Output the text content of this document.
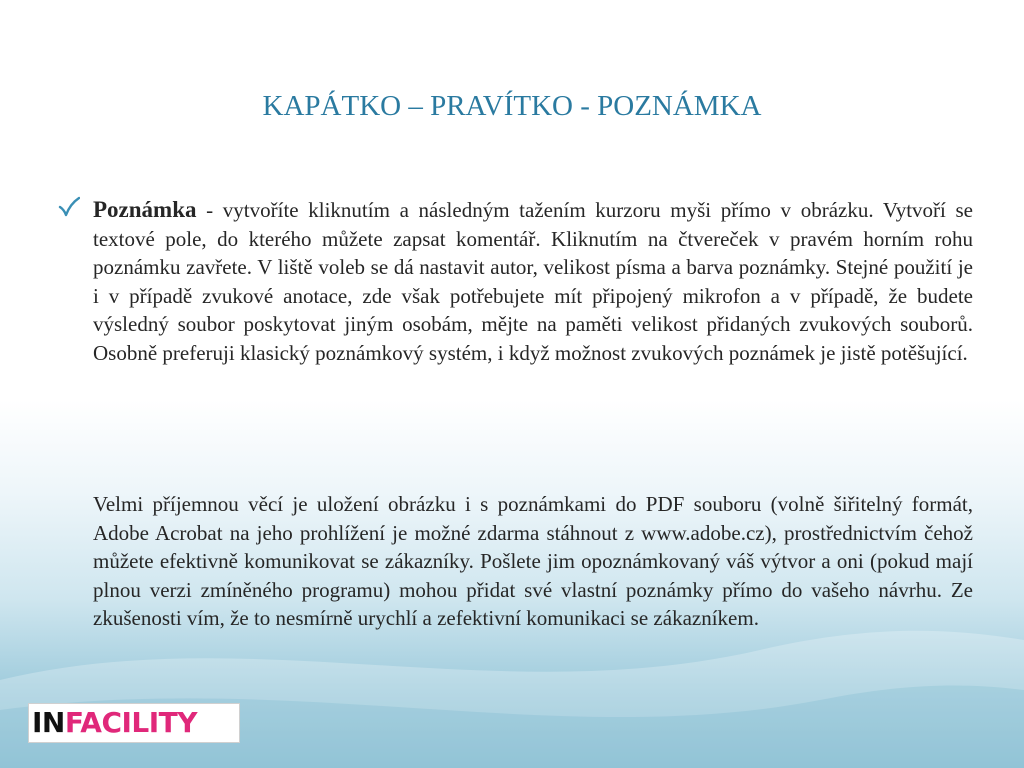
KAPÁTKO – PRAVÍTKO - POZNÁMKA

Poznámka - vytvoříte kliknutím a následným tažením kurzoru myši přímo v obrázku. Vytvoří se textové pole, do kterého můžete zapsat komentář. Kliknutím na čtvereček v pravém horním rohu poznámku zavřete. V liště voleb se dá nastavit autor, velikost písma a barva poznámky. Stejné použití je i v případě zvukové anotace, zde však potřebujete mít připojený mikrofon a v případě, že budete výsledný soubor poskytovat jiným osobám, mějte na paměti velikost přidaných zvukových souborů. Osobně preferuji klasický poznámkový systém, i když možnost zvukových poznámek je jistě potěšující.

Velmi příjemnou věcí je uložení obrázku i s poznámkami do PDF souboru (volně šiřitelný formát, Adobe Acrobat na jeho prohlížení je možné zdarma stáhnout z www.adobe.cz), prostřednictvím čehož můžete efektivně komunikovat se zákazníky. Pošlete jim opoznámkovaný váš výtvor a oni (pokud mají plnou verzi zmíněného programu) mohou přidat své vlastní poznámky přímo do vašeho návrhu. Ze zkušenosti vím, že to nesmírně urychlí a zefektivní komunikaci se zákazníkem.

INFACILITY
